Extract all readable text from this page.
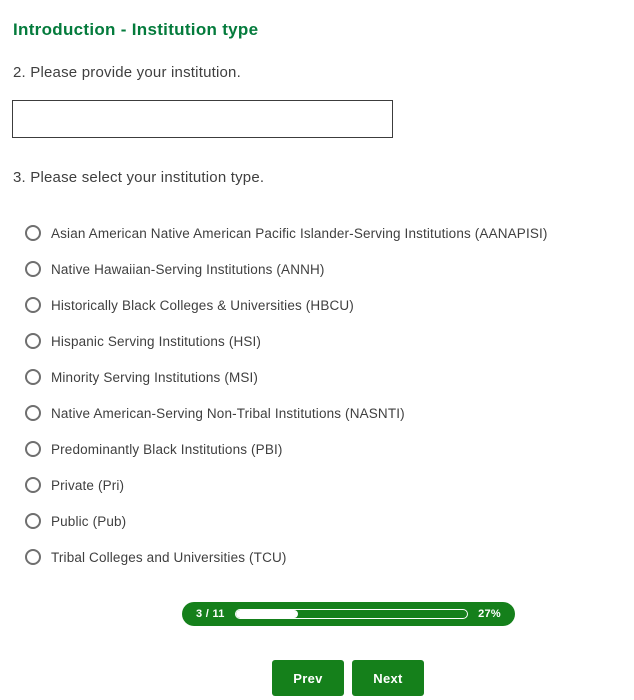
Introduction - Institution type
2. Please provide your institution.
3. Please select your institution type.
Asian American Native American Pacific Islander-Serving Institutions (AANAPISI)
Native Hawaiian-Serving Institutions (ANNH)
Historically Black Colleges & Universities (HBCU)
Hispanic Serving Institutions (HSI)
Minority Serving Institutions (MSI)
Native American-Serving Non-Tribal Institutions (NASNTI)
Predominantly Black Institutions (PBI)
Private (Pri)
Public (Pub)
Tribal Colleges and Universities (TCU)
3 / 11	27%
Prev	Next
